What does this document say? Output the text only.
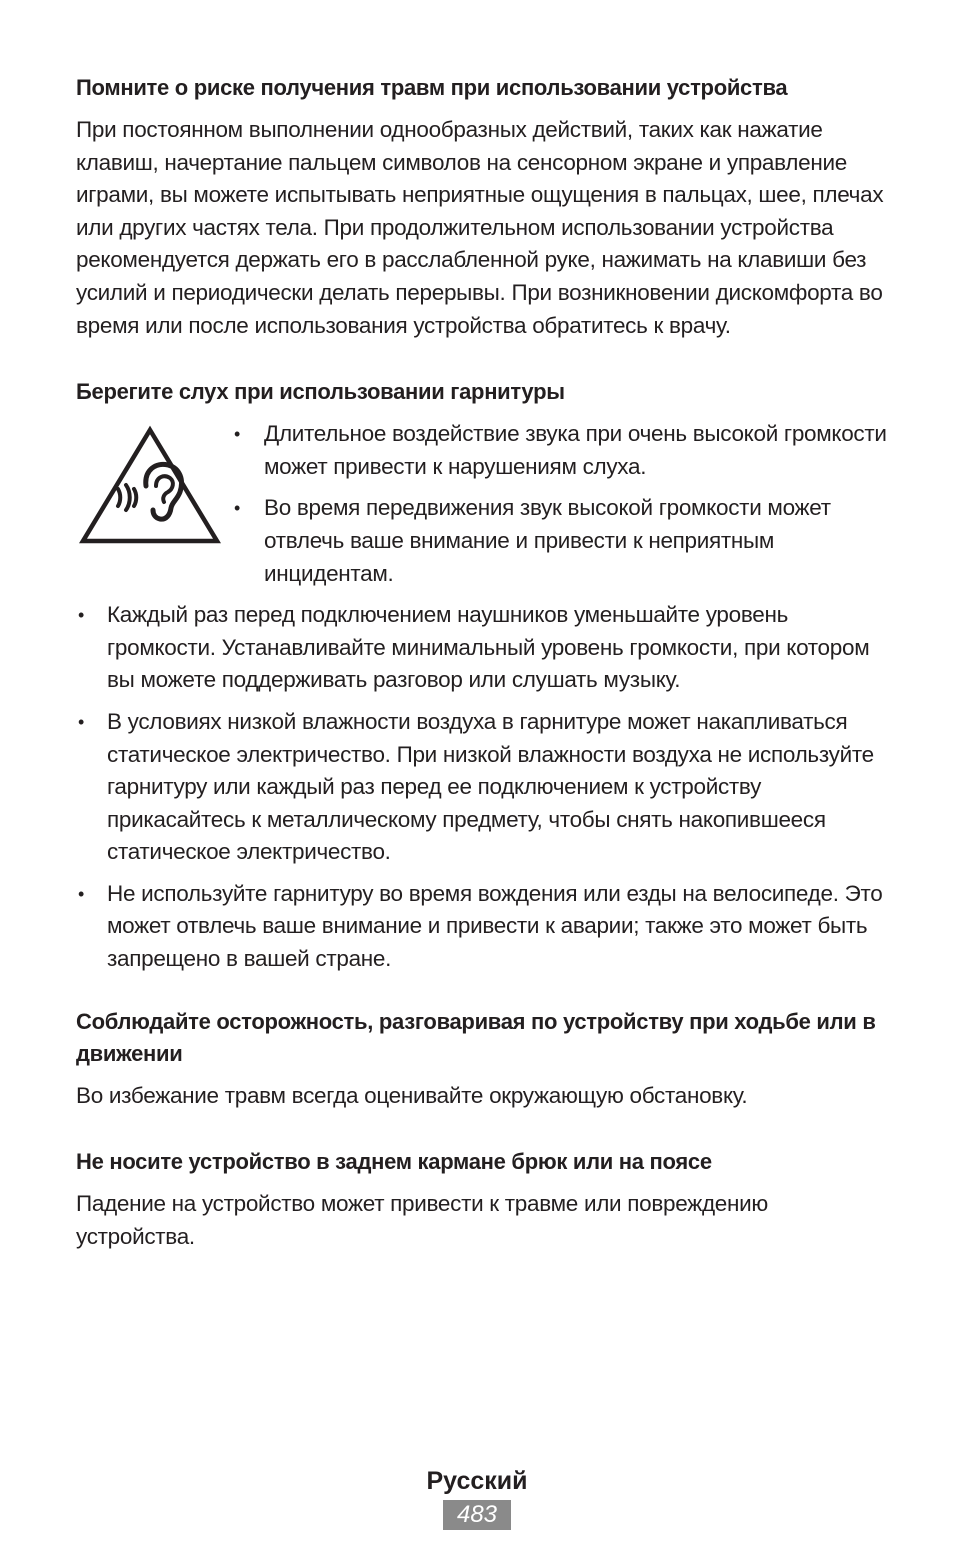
Помните о риске получения травм при использовании устройства

При постоянном выполнении однообразных действий, таких как нажатие клавиш, начертание пальцем символов на сенсорном экране и управление играми, вы можете испытывать неприятные ощущения в пальцах, шее, плечах или других частях тела. При продолжительном использовании устройства рекомендуется держать его в расслабленной руке, нажимать на клавиши без усилий и периодически делать перерывы. При возникновении дискомфорта во время или после использования устройства обратитесь к врачу.

Берегите слух при использовании гарнитуры
• Длительное воздействие звука при очень высокой громкости может привести к нарушениям слуха.
• Во время передвижения звук высокой громкости может отвлечь ваше внимание и привести к неприятным инцидентам.
• Каждый раз перед подключением наушников уменьшайте уровень громкости. Устанавливайте минимальный уровень громкости, при котором вы можете поддерживать разговор или слушать музыку.
• В условиях низкой влажности воздуха в гарнитуре может накапливаться статическое электричество. При низкой влажности воздуха не используйте гарнитуру или каждый раз перед ее подключением к устройству прикасайтесь к металлическому предмету, чтобы снять накопившееся статическое электричество.
• Не используйте гарнитуру во время вождения или езды на велосипеде. Это может отвлечь ваше внимание и привести к аварии; также это может быть запрещено в вашей стране.
Соблюдайте осторожность, разговаривая по устройству при ходьбе или в движении

Во избежание травм всегда оценивайте окружающую обстановку.

Не носите устройство в заднем кармане брюк или на поясе

Падение на устройство может привести к травме или повреждению устройства.

Русский
483
